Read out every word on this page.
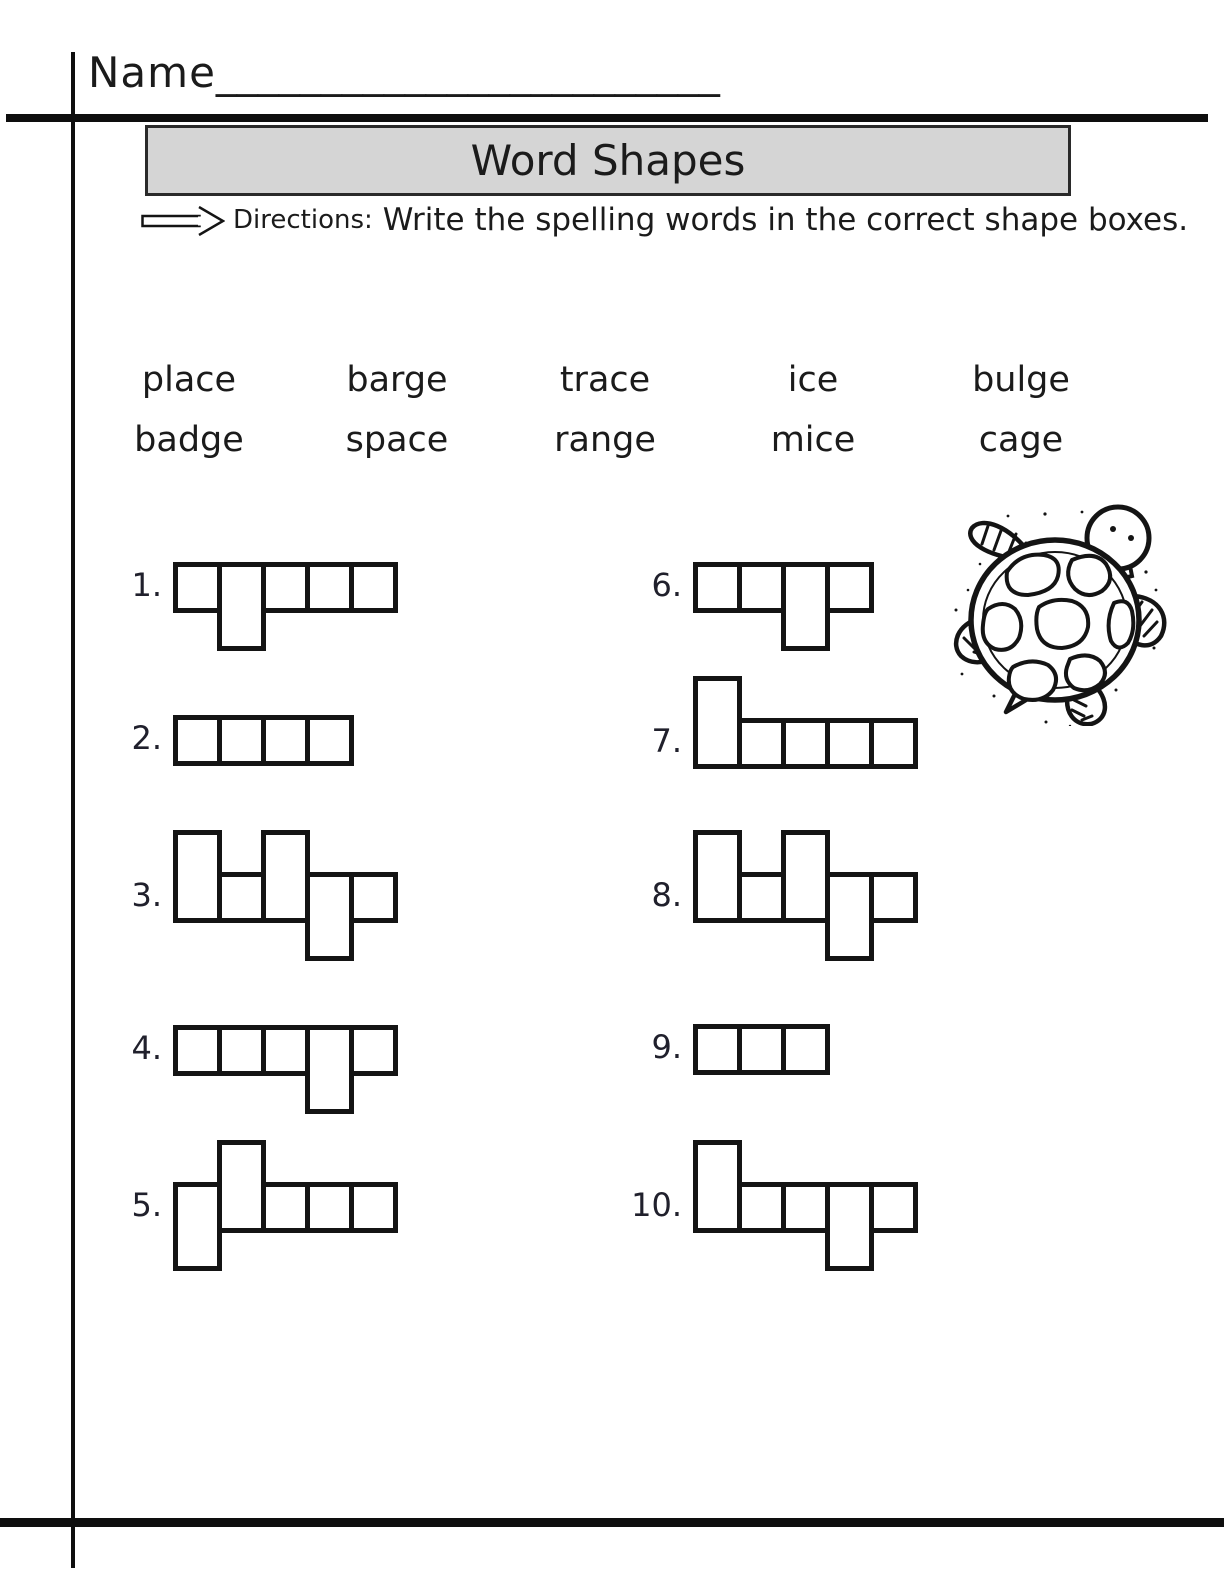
Name________________________
Word Shapes
Directions: Write the spelling words in the correct shape boxes.
place	barge	trace	ice	bulge
badge	space	range	mice	cage
1.
2.
3.
4.
5.
6.
7.
8.
9.
10.
